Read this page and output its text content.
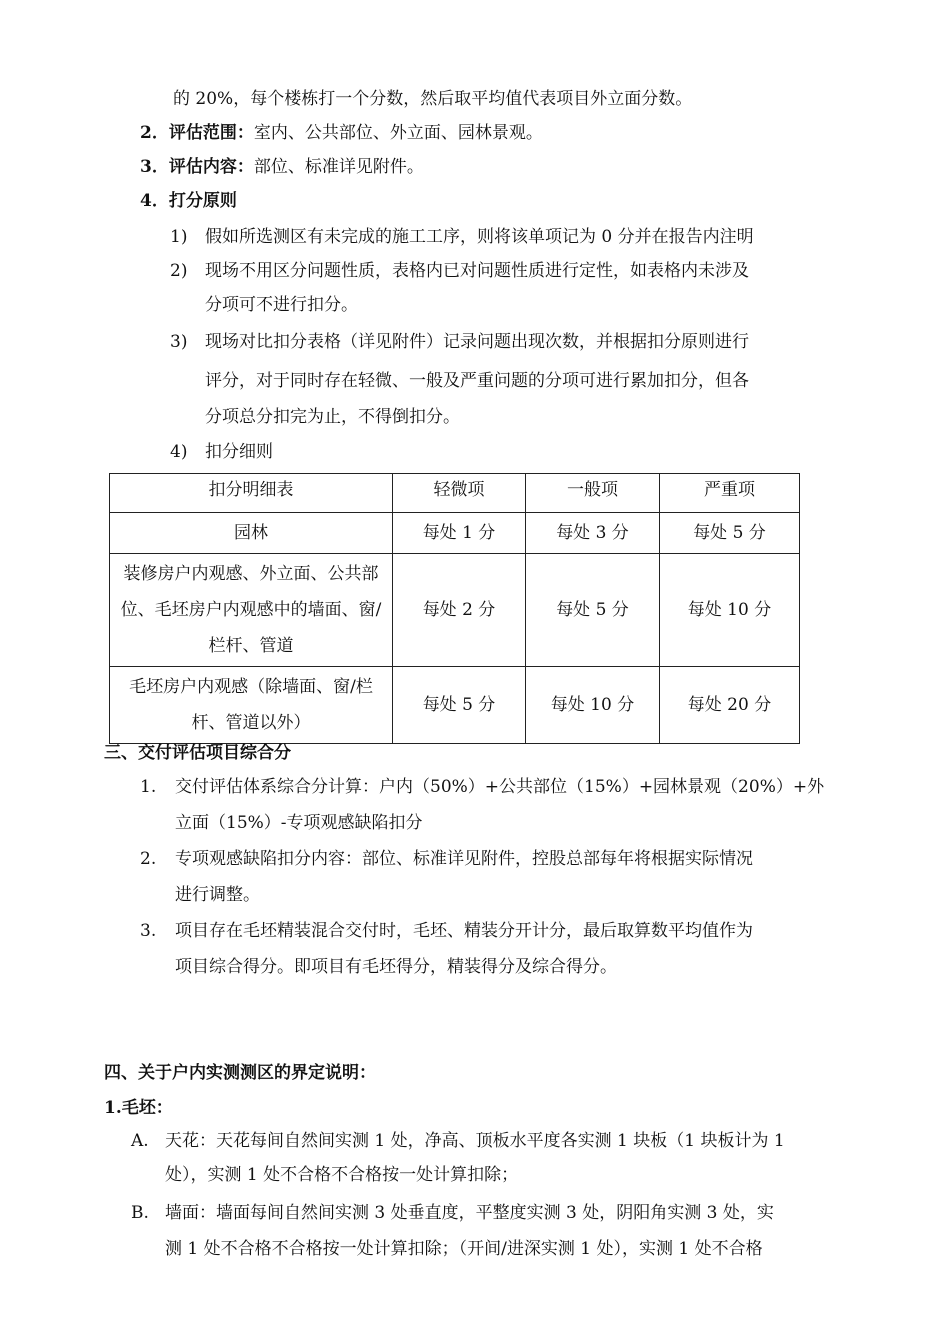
的 20%，每个楼栋打一个分数，然后取平均值代表项目外立面分数。
2．评估范围：室内、公共部位、外立面、园林景观。
3．评估内容：部位、标准详见附件。
4．打分原则
1) 假如所选测区有未完成的施工工序，则将该单项记为 0 分并在报告内注明
2) 现场不用区分问题性质，表格内已对问题性质进行定性，如表格内未涉及
分项可不进行扣分。
3) 现场对比扣分表格（详见附件）记录问题出现次数，并根据扣分原则进行
评分，对于同时存在轻微、一般及严重问题的分项可进行累加扣分，但各
分项总分扣完为止，不得倒扣分。
4) 扣分细则
扣分明细表	轻微项	一般项	严重项
园林	每处 1 分	每处 3 分	每处 5 分
装修房户内观感、外立面、公共部位、毛坯房户内观感中的墙面、窗/栏杆、管道	每处 2 分	每处 5 分	每处 10 分
毛坯房户内观感（除墙面、窗/栏杆、管道以外）	每处 5 分	每处 10 分	每处 20 分
三、交付评估项目综合分
1. 交付评估体系综合分计算：户内（50%）+公共部位（15%）+园林景观（20%）+外
立面（15%）-专项观感缺陷扣分
2. 专项观感缺陷扣分内容：部位、标准详见附件，控股总部每年将根据实际情况
进行调整。
3. 项目存在毛坯精装混合交付时，毛坯、精装分开计分，最后取算数平均值作为
项目综合得分。即项目有毛坯得分，精装得分及综合得分。
四、关于户内实测测区的界定说明：
1.毛坯：
A. 天花：天花每间自然间实测 1 处，净高、顶板水平度各实测 1 块板（1 块板计为 1
处），实测 1 处不合格不合格按一处计算扣除；
B. 墙面：墙面每间自然间实测 3 处垂直度，平整度实测 3 处，阴阳角实测 3 处，实
测 1 处不合格不合格按一处计算扣除；（开间/进深实测 1 处），实测 1 处不合格
